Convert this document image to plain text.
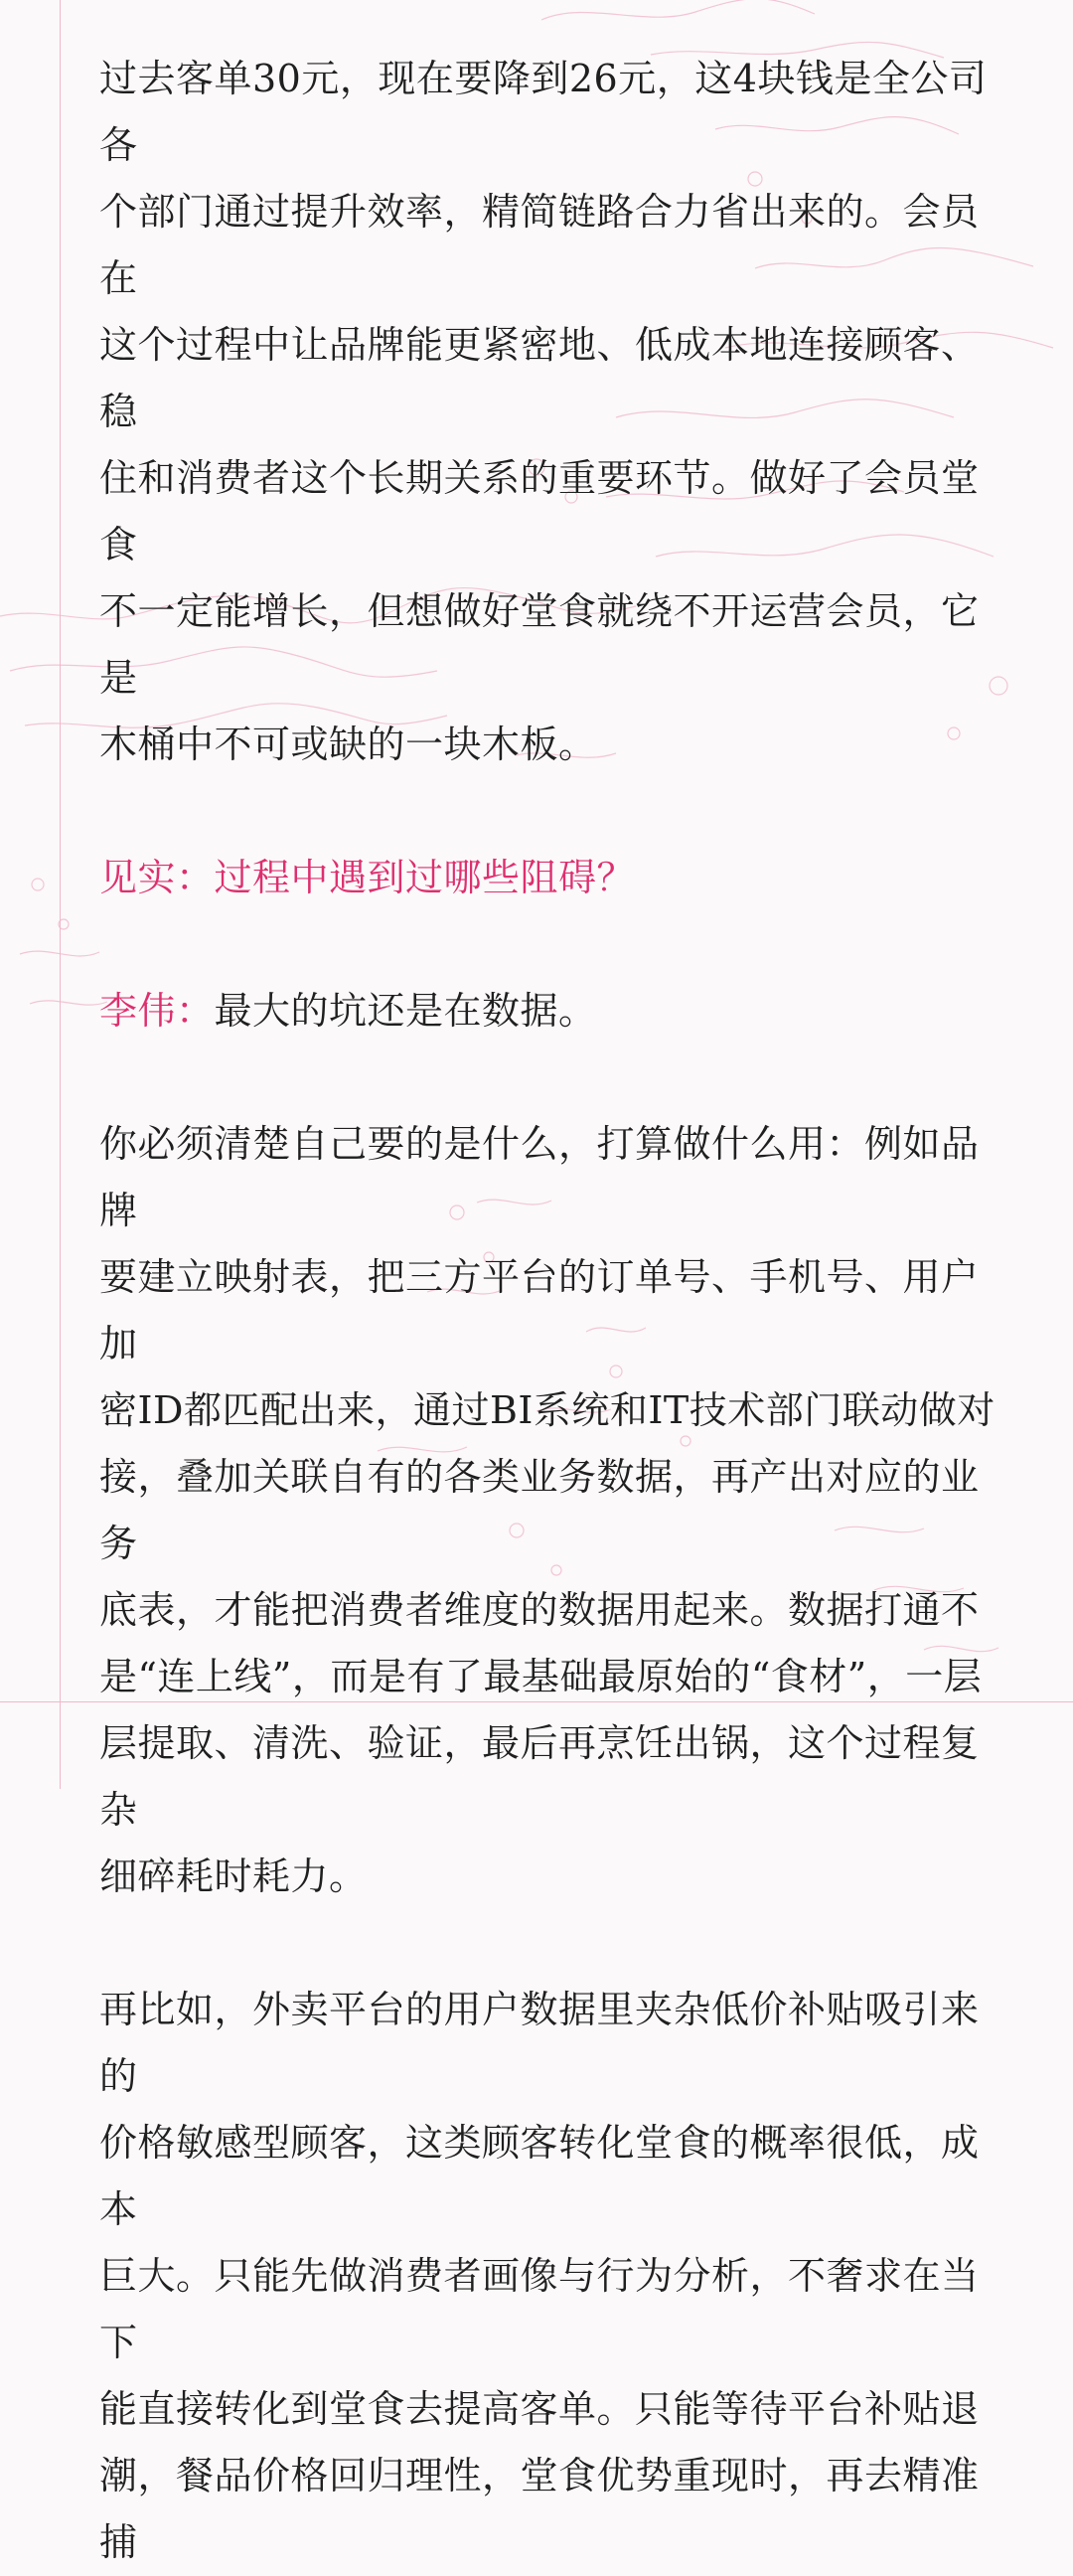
过去客单30元，现在要降到26元，这4块钱是全公司各
个部门通过提升效率，精简链路合力省出来的。会员在
这个过程中让品牌能更紧密地、低成本地连接顾客、稳
住和消费者这个长期关系的重要环节。做好了会员堂食
不一定能增长，但想做好堂食就绕不开运营会员，它是
木桶中不可或缺的一块木板。

见实：过程中遇到过哪些阻碍？

李伟：最大的坑还是在数据。

你必须清楚自己要的是什么，打算做什么用：例如品牌
要建立映射表，把三方平台的订单号、手机号、用户加
密ID都匹配出来，通过BI系统和IT技术部门联动做对
接，叠加关联自有的各类业务数据，再产出对应的业务
底表，才能把消费者维度的数据用起来。数据打通不
是“连上线”，而是有了最基础最原始的“食材”，一层
层提取、清洗、验证，最后再烹饪出锅，这个过程复杂
细碎耗时耗力。

再比如，外卖平台的用户数据里夹杂低价补贴吸引来的
价格敏感型顾客，这类顾客转化堂食的概率很低，成本
巨大。只能先做消费者画像与行为分析，不奢求在当下
能直接转化到堂食去提高客单。只能等待平台补贴退
潮，餐品价格回归理性，堂食优势重现时，再去精准捕
